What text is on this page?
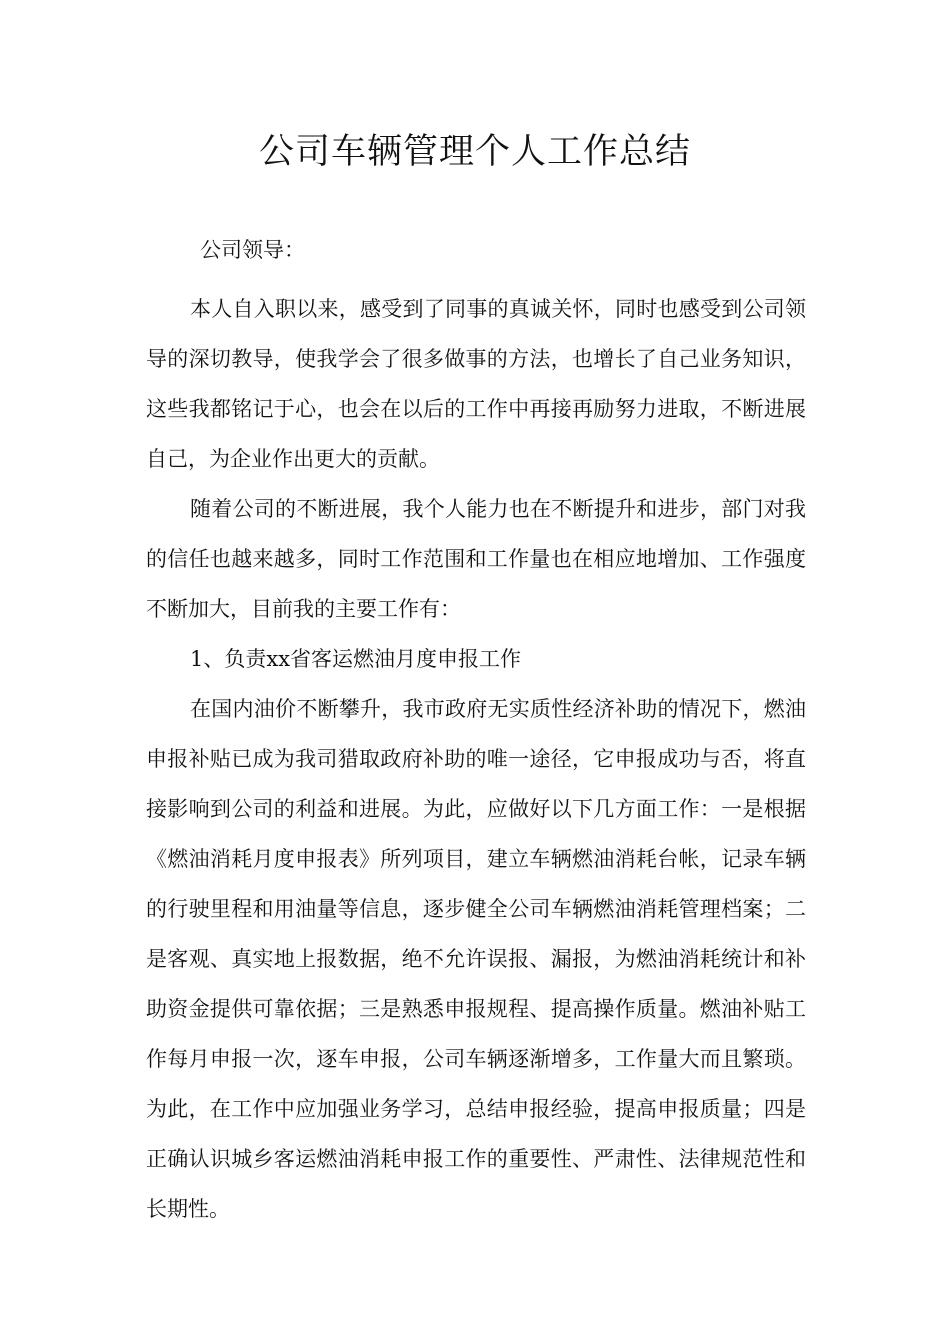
公司车辆管理个人工作总结

公司领导：

本人自入职以来，感受到了同事的真诚关怀，同时也感受到公司领导的深切教导，使我学会了很多做事的方法，也增长了自己业务知识，这些我都铭记于心，也会在以后的工作中再接再励努力进取，不断进展自己，为企业作出更大的贡献。

随着公司的不断进展，我个人能力也在不断提升和进步，部门对我的信任也越来越多，同时工作范围和工作量也在相应地增加、工作强度不断加大，目前我的主要工作有：

1、负责xx省客运燃油月度申报工作

在国内油价不断攀升，我市政府无实质性经济补助的情况下，燃油申报补贴已成为我司猎取政府补助的唯一途径，它申报成功与否，将直接影响到公司的利益和进展。为此，应做好以下几方面工作：一是根据《燃油消耗月度申报表》所列项目，建立车辆燃油消耗台帐，记录车辆的行驶里程和用油量等信息，逐步健全公司车辆燃油消耗管理档案；二是客观、真实地上报数据，绝不允许误报、漏报，为燃油消耗统计和补助资金提供可靠依据；三是熟悉申报规程、提高操作质量。燃油补贴工作每月申报一次，逐车申报，公司车辆逐渐增多，工作量大而且繁琐。为此，在工作中应加强业务学习，总结申报经验，提高申报质量；四是正确认识城乡客运燃油消耗申报工作的重要性、严肃性、法律规范性和长期性。
